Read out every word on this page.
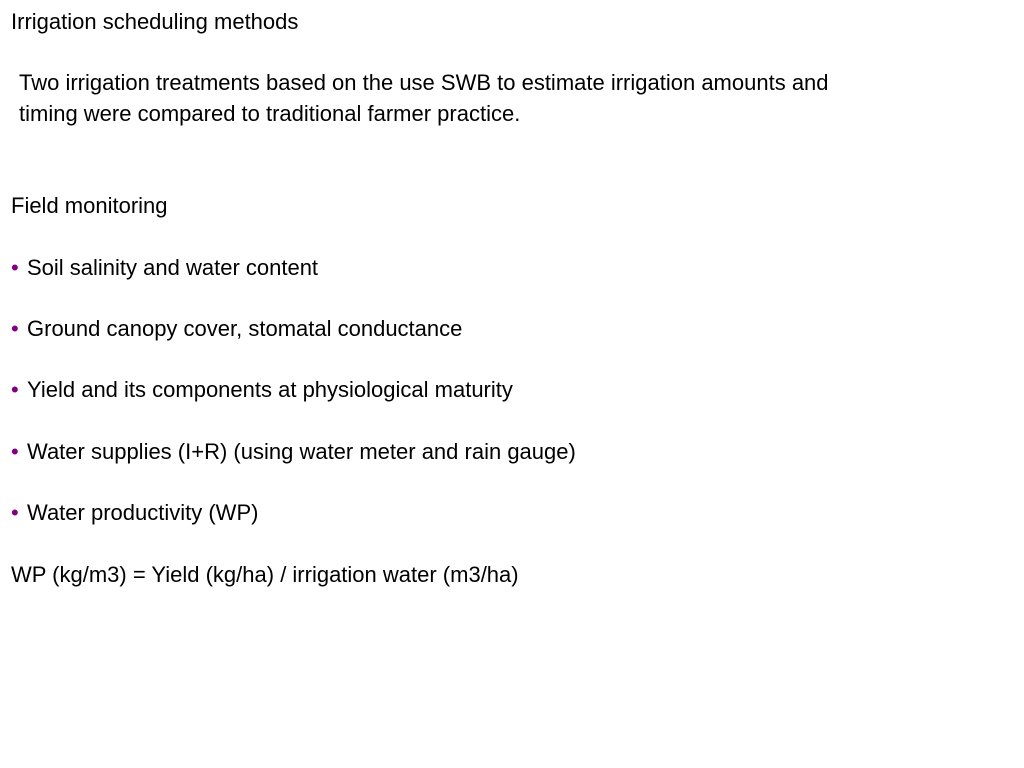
Irrigation scheduling methods
Two irrigation treatments based on the use SWB to estimate irrigation amounts and
timing were compared to traditional farmer practice.
Field monitoring
• Soil salinity and water content
• Ground canopy cover, stomatal conductance
• Yield and its components at physiological maturity
• Water supplies (I+R) (using water meter and rain gauge)
• Water productivity (WP)
WP (kg/m3) = Yield (kg/ha) / irrigation water (m3/ha)
